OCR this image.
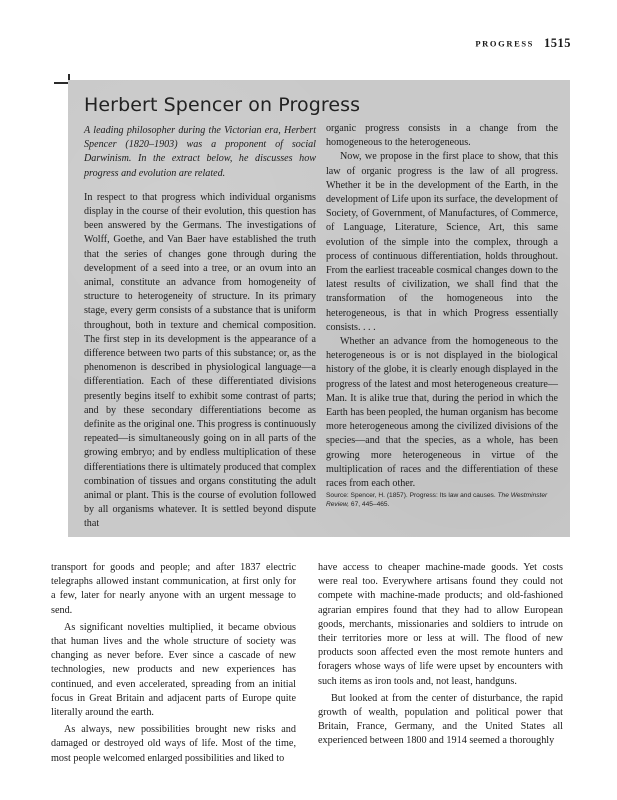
PROGRESS 1515
Herbert Spencer on Progress

A leading philosopher during the Victorian era, Herbert Spencer (1820–1903) was a proponent of social Darwinism. In the extract below, he discusses how progress and evolution are related.

In respect to that progress which individual organisms display in the course of their evolution, this question has been answered by the Germans. The investigations of Wolff, Goethe, and Van Baer have established the truth that the series of changes gone through during the development of a seed into a tree, or an ovum into an animal, constitute an advance from homogeneity of structure to heterogeneity of structure. In its primary stage, every germ consists of a substance that is uniform throughout, both in texture and chemical composition. The first step in its development is the appearance of a difference between two parts of this substance; or, as the phenomenon is described in physiological language—a differentiation. Each of these differentiated divisions presently begins itself to exhibit some contrast of parts; and by these secondary differentiations become as definite as the original one. This progress is continuously repeated—is simultaneously going on in all parts of the growing embryo; and by endless multiplication of these differentiations there is ultimately produced that complex combination of tissues and organs constituting the adult animal or plant. This is the course of evolution followed by all organisms whatever. It is settled beyond dispute that

organic progress consists in a change from the homogeneous to the heterogeneous.

Now, we propose in the first place to show, that this law of organic progress is the law of all progress. Whether it be in the development of the Earth, in the development of Life upon its surface, the development of Society, of Government, of Manufactures, of Commerce, of Language, Literature, Science, Art, this same evolution of the simple into the complex, through a process of continuous differentiation, holds throughout. From the earliest traceable cosmical changes down to the latest results of civilization, we shall find that the transformation of the homogeneous into the heterogeneous, is that in which Progress essentially consists. . . .

Whether an advance from the homogeneous to the heterogeneous is or is not displayed in the biological history of the globe, it is clearly enough displayed in the progress of the latest and most heterogeneous creature—Man. It is alike true that, during the period in which the Earth has been peopled, the human organism has become more heterogeneous among the civilized divisions of the species—and that the species, as a whole, has been growing more heterogeneous in virtue of the multiplication of races and the differentiation of these races from each other.

Source: Spencer, H. (1857). Progress: Its law and causes. The Westminster Review, 67, 445–465.

transport for goods and people; and after 1837 electric telegraphs allowed instant communication, at first only for a few, later for nearly anyone with an urgent message to send.

As significant novelties multiplied, it became obvious that human lives and the whole structure of society was changing as never before. Ever since a cascade of new technologies, new products and new experiences has continued, and even accelerated, spreading from an initial focus in Great Britain and adjacent parts of Europe quite literally around the earth.

As always, new possibilities brought new risks and damaged or destroyed old ways of life. Most of the time, most people welcomed enlarged possibilities and liked to

have access to cheaper machine-made goods. Yet costs were real too. Everywhere artisans found they could not compete with machine-made products; and old-fashioned agrarian empires found that they had to allow European goods, merchants, missionaries and soldiers to intrude on their territories more or less at will. The flood of new products soon affected even the most remote hunters and foragers whose ways of life were upset by encounters with such items as iron tools and, not least, handguns.

But looked at from the center of disturbance, the rapid growth of wealth, population and political power that Britain, France, Germany, and the United States all experienced between 1800 and 1914 seemed a thoroughly
